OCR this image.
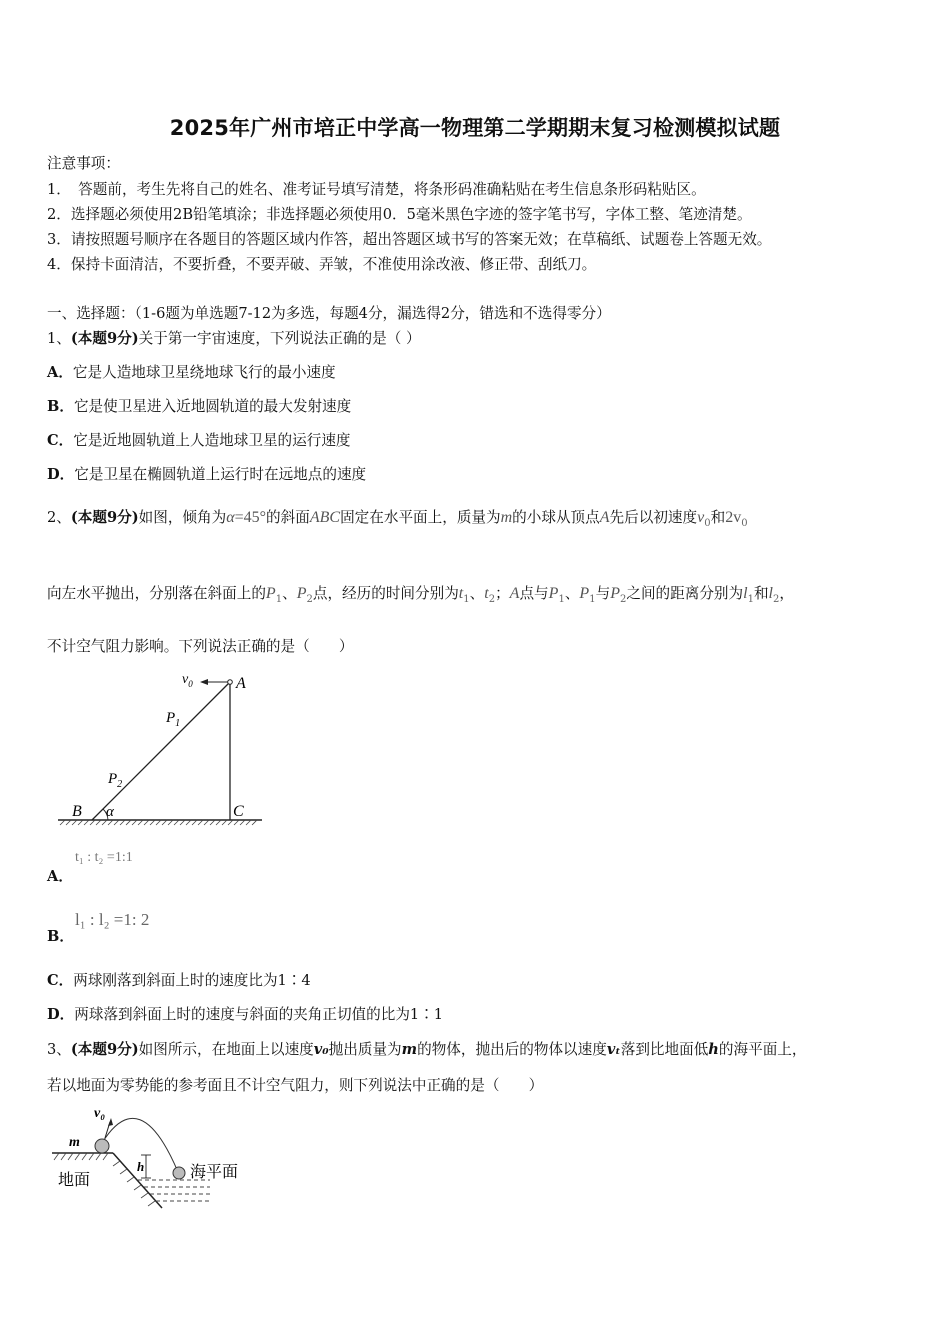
2025年广州市培正中学高一物理第二学期期末复习检测模拟试题
注意事项：
1．　答题前，考生先将自己的姓名、准考证号填写清楚，将条形码准确粘贴在考生信息条形码粘贴区。
2．选择题必须使用2B铅笔填涂；非选择题必须使用0．5毫米黑色字迹的签字笔书写，字体工整、笔迹清楚。
3．请按照题号顺序在各题目的答题区域内作答，超出答题区域书写的答案无效；在草稿纸、试题卷上答题无效。
4．保持卡面清洁，不要折叠，不要弄破、弄皱，不准使用涂改液、修正带、刮纸刀。
一、选择题：（1-6题为单选题7-12为多选，每题4分，漏选得2分，错选和不选得零分）
1、(本题9分)关于第一宇宙速度，下列说法正确的是（ ）
A．它是人造地球卫星绕地球飞行的最小速度
B．它是使卫星进入近地圆轨道的最大发射速度
C．它是近地圆轨道上人造地球卫星的运行速度
D．它是卫星在椭圆轨道上运行时在远地点的速度
2、(本题9分)如图，倾角为α=45°的斜面ABC固定在水平面上，质量为m的小球从顶点A先后以初速度$v_0$和$2v_0$
向左水平抛出，分别落在斜面上的$P_1$、$P_2$点，经历的时间分别为$t_1$、$t_2$；A点与$P_1$、$P_1$与$P_2$之间的距离分别为$l_1$和$l_2$，
不计空气阻力影响。下列说法正确的是（　　）
$v_0$	A
$P_1$
$P_2$
B α	C
A．
t₁ : t₂ =1:1
B．
l₁ : l₂ =1: 2
C．两球刚落到斜面上时的速度比为1∶4
D．两球落到斜面上时的速度与斜面的夹角正切值的比为1∶1
3、(本题9分)如图所示，在地面上以速度v₀抛出质量为m的物体，抛出后的物体以速度vₜ落到比地面低h的海平面上，
若以地面为零势能的参考面且不计空气阻力，则下列说法中正确的是（　　）
v₀
m
h
地面	海平面
